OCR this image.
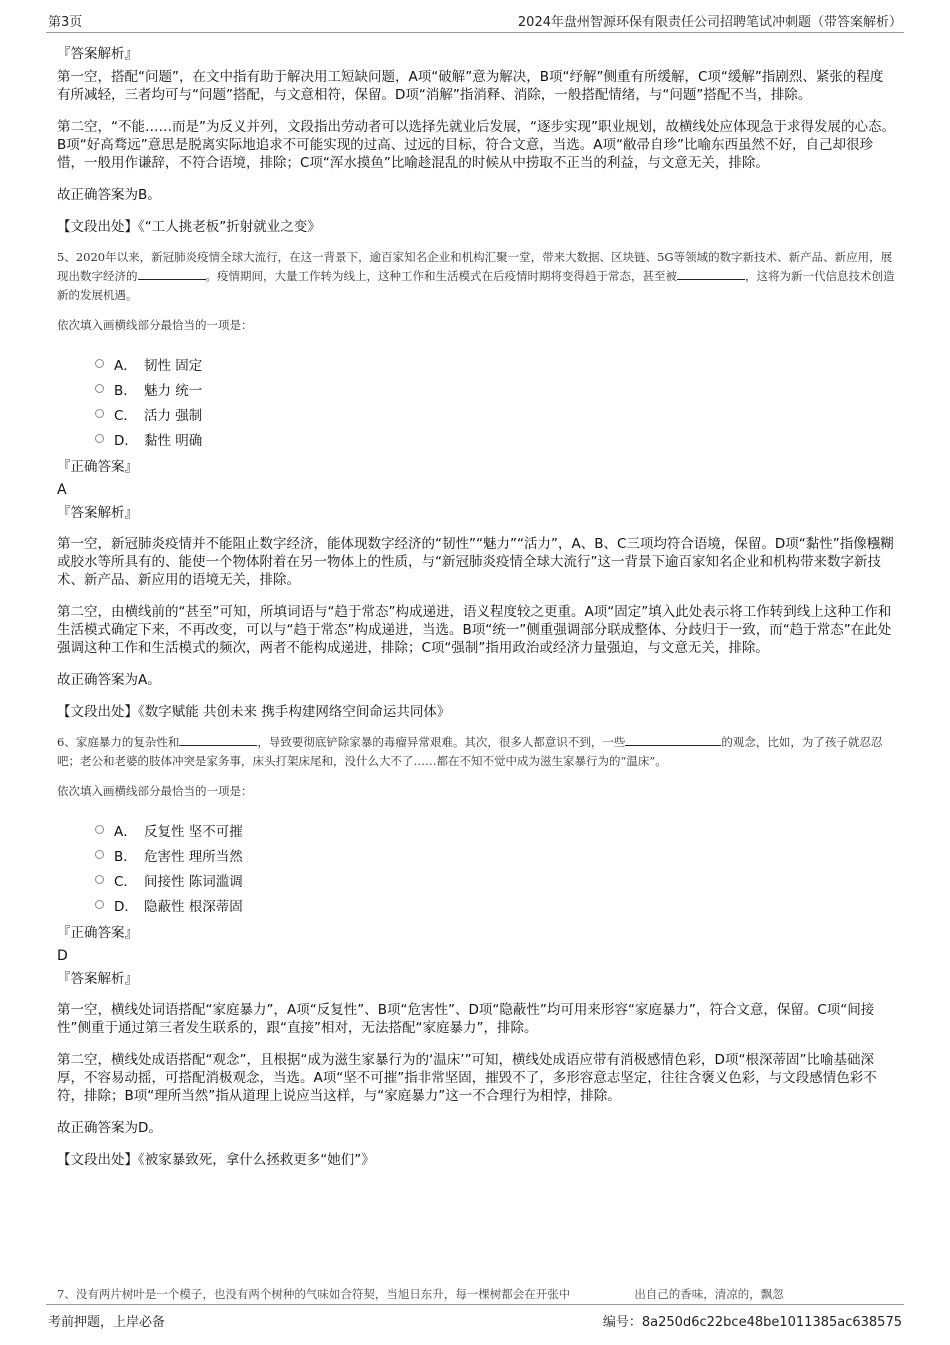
第3页	2024年盘州智源环保有限责任公司招聘笔试冲刺题（带答案解析）
『答案解析』
第一空，搭配“问题”，在文中指有助于解决用工短缺问题，A项“破解”意为解决，B项“纾解”侧重有所缓解，C项“缓解”指剧烈、紧张的程度有所减轻，三者均可与“问题”搭配，与文意相符，保留。D项“消解”指消释、消除，一般搭配情绪，与“问题”搭配不当，排除。
第二空，“不能……而是”为反义并列，文段指出劳动者可以选择先就业后发展，“逐步实现”职业规划，故横线处应体现急于求得发展的心态。B项“好高骛远”意思是脱离实际地追求不可能实现的过高、过远的目标，符合文意，当选。A项“敝帚自珍”比喻东西虽然不好，自己却很珍惜，一般用作谦辞，不符合语境，排除；C项“浑水摸鱼”比喻趁混乱的时候从中捞取不正当的利益，与文意无关，排除。
故正确答案为B。
【文段出处】《“工人挑老板”折射就业之变》
5、2020年以来，新冠肺炎疫情全球大流行，在这一背景下，逾百家知名企业和机构汇聚一堂，带来大数据、区块链、5G等领域的数字新技术、新产品、新应用，展现出数字经济的	。疫情期间，大量工作转为线上，这种工作和生活模式在后疫情时期将变得趋于常态，甚至被	，这将为新一代信息技术创造新的发展机遇。
依次填入画横线部分最恰当的一项是：
A． 韧性 固定
B． 魅力 统一
C． 活力 强制
D． 黏性 明确
『正确答案』
A
『答案解析』
第一空，新冠肺炎疫情并不能阻止数字经济，能体现数字经济的“韧性”“魅力”“活力”，A、B、C三项均符合语境，保留。D项“黏性”指像糨糊或胶水等所具有的、能使一个物体附着在另一物体上的性质，与“新冠肺炎疫情全球大流行”这一背景下逾百家知名企业和机构带来数字新技术、新产品、新应用的语境无关，排除。
第二空，由横线前的“甚至”可知，所填词语与“趋于常态”构成递进，语义程度较之更重。A项“固定”填入此处表示将工作转到线上这种工作和生活模式确定下来，不再改变，可以与“趋于常态”构成递进，当选。B项“统一”侧重强调部分联成整体、分歧归于一致，而“趋于常态”在此处强调这种工作和生活模式的频次，两者不能构成递进，排除；C项“强制”指用政治或经济力量强迫，与文意无关，排除。
故正确答案为A。
【文段出处】《数字赋能 共创未来 携手构建网络空间命运共同体》
6、家庭暴力的复杂性和	，导致要彻底铲除家暴的毒瘤异常艰难。其次，很多人都意识不到，一些	的观念，比如，为了孩子就忍忍吧；老公和老婆的肢体冲突是家务事，床头打架床尾和，没什么大不了……都在不知不觉中成为滋生家暴行为的“温床”。
依次填入画横线部分最恰当的一项是：
A． 反复性 坚不可摧
B． 危害性 理所当然
C． 间接性 陈词滥调
D． 隐蔽性 根深蒂固
『正确答案』
D
『答案解析』
第一空，横线处词语搭配“家庭暴力”，A项“反复性”、B项“危害性”、D项“隐蔽性”均可用来形容“家庭暴力”，符合文意，保留。C项“间接性”侧重于通过第三者发生联系的，跟“直接”相对，无法搭配“家庭暴力”，排除。
第二空，横线处成语搭配“观念”，且根据“成为滋生家暴行为的‘温床’”可知，横线处成语应带有消极感情色彩，D项“根深蒂固”比喻基础深厚，不容易动摇，可搭配消极观念，当选。A项“坚不可摧”指非常坚固，摧毁不了，多形容意志坚定，往往含褒义色彩，与文段感情色彩不符，排除；B项“理所当然”指从道理上说应当这样，与“家庭暴力”这一不合理行为相悖，排除。
故正确答案为D。
【文段出处】《被家暴致死，拿什么拯救更多“她们”》
7、没有两片树叶是一个模子，也没有两个树种的气味如合符契，当旭日东升，每一棵树都会在开张中	出自己的香味，清凉的，飘忽
考前押题，上岸必备	编号：8a250d6c22bce48be1011385ac638575
